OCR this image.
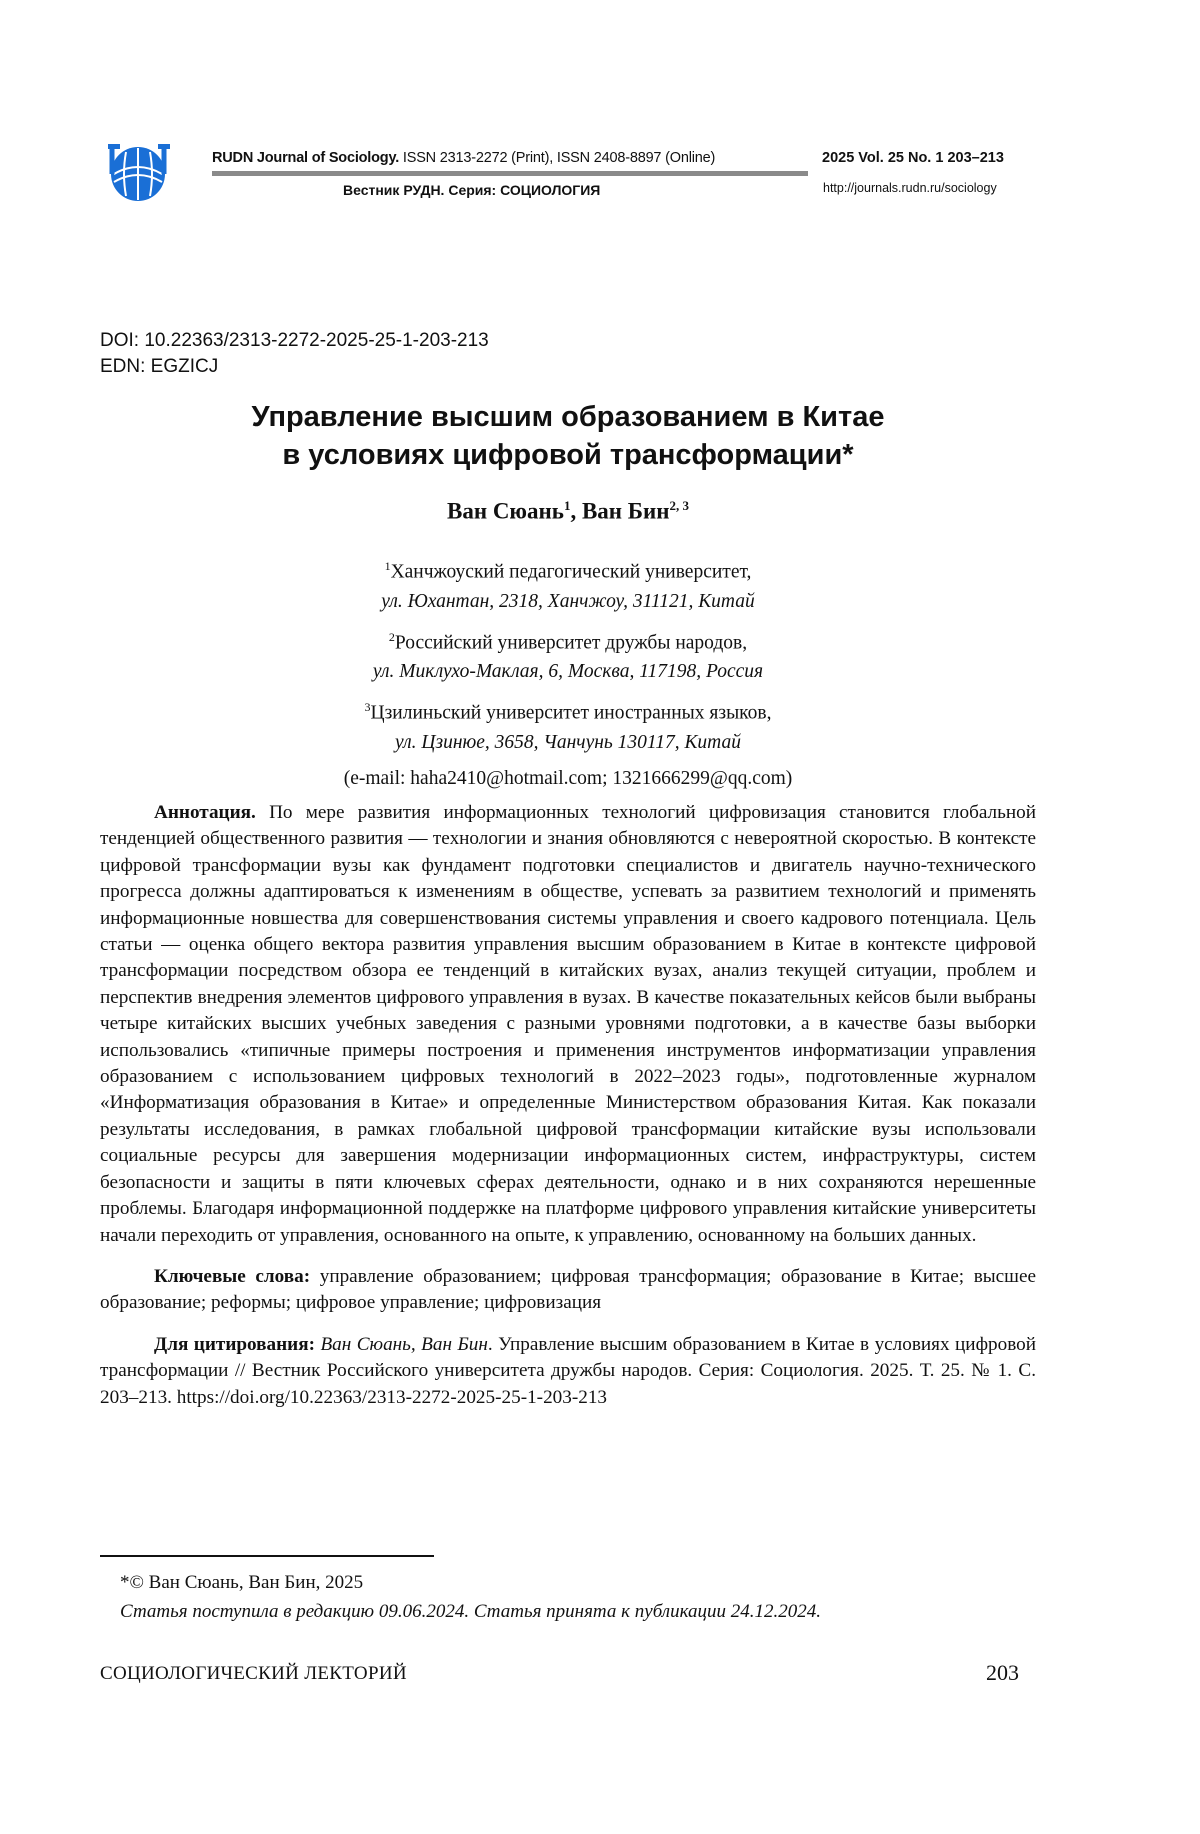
RUDN Journal of Sociology. ISSN 2313-2272 (Print), ISSN 2408-8897 (Online)
Вестник РУДН. Серия: СОЦИОЛОГИЯ
2025 Vol. 25 No. 1 203–213
http://journals.rudn.ru/sociology
DOI: 10.22363/2313-2272-2025-25-1-203-213
EDN: EGZICJ
Управление высшим образованием в Китае
в условиях цифровой трансформации*
Ван Сюань$^1$, Ван Бин$^{2, 3}$
$^1$Ханчжоуский педагогический университет,
ул. Юхантан, 2318, Ханчжоу, 311121, Китай
$^2$Российский университет дружбы народов,
ул. Миклухо-Маклая, 6, Москва, 117198, Россия
$^3$Цзилиньский университет иностранных языков,
ул. Цзинюе, 3658, Чанчунь 130117, Китай
(e-mail: haha2410@hotmail.com; 1321666299@qq.com)

Аннотация. По мере развития информационных технологий цифровизация становится глобальной тенденцией общественного развития — технологии и знания обновляются с невероятной скоростью. В контексте цифровой трансформации вузы как фундамент подготовки специалистов и двигатель научно-технического прогресса должны адаптироваться к изменениям в обществе, успевать за развитием технологий и применять информационные новшества для совершенствования системы управления и своего кадрового потенциала. Цель статьи — оценка общего вектора развития управления высшим образованием в Китае в контексте цифровой трансформации посредством обзора ее тенденций в китайских вузах, анализ текущей ситуации, проблем и перспектив внедрения элементов цифрового управления в вузах. В качестве показательных кейсов были выбраны четыре китайских высших учебных заведения с разными уровнями подготовки, а в качестве базы выборки использовались «типичные примеры построения и применения инструментов информатизации управления образованием с использованием цифровых технологий в 2022–2023 годы», подготовленные журналом «Информатизация образования в Китае» и определенные Министерством образования Китая. Как показали результаты исследования, в рамках глобальной цифровой трансформации китайские вузы использовали социальные ресурсы для завершения модернизации информационных систем, инфраструктуры, систем безопасности и защиты в пяти ключевых сферах деятельности, однако и в них сохраняются нерешенные проблемы. Благодаря информационной поддержке на платформе цифрового управления китайские университеты начали переходить от управления, основанного на опыте, к управлению, основанному на больших данных.

Ключевые слова: управление образованием; цифровая трансформация; образование в Китае; высшее образование; реформы; цифровое управление; цифровизация

Для цитирования: Ван Сюань, Ван Бин. Управление высшим образованием в Китае в условиях цифровой трансформации // Вестник Российского университета дружбы народов. Серия: Социология. 2025. Т. 25. № 1. С. 203–213. https://doi.org/10.22363/2313-2272-2025-25-1-203-213

*© Ван Сюань, Ван Бин, 2025
Статья поступила в редакцию 09.06.2024. Статья принята к публикации 24.12.2024.
СОЦИОЛОГИЧЕСКИЙ ЛЕКТОРИЙ	203
